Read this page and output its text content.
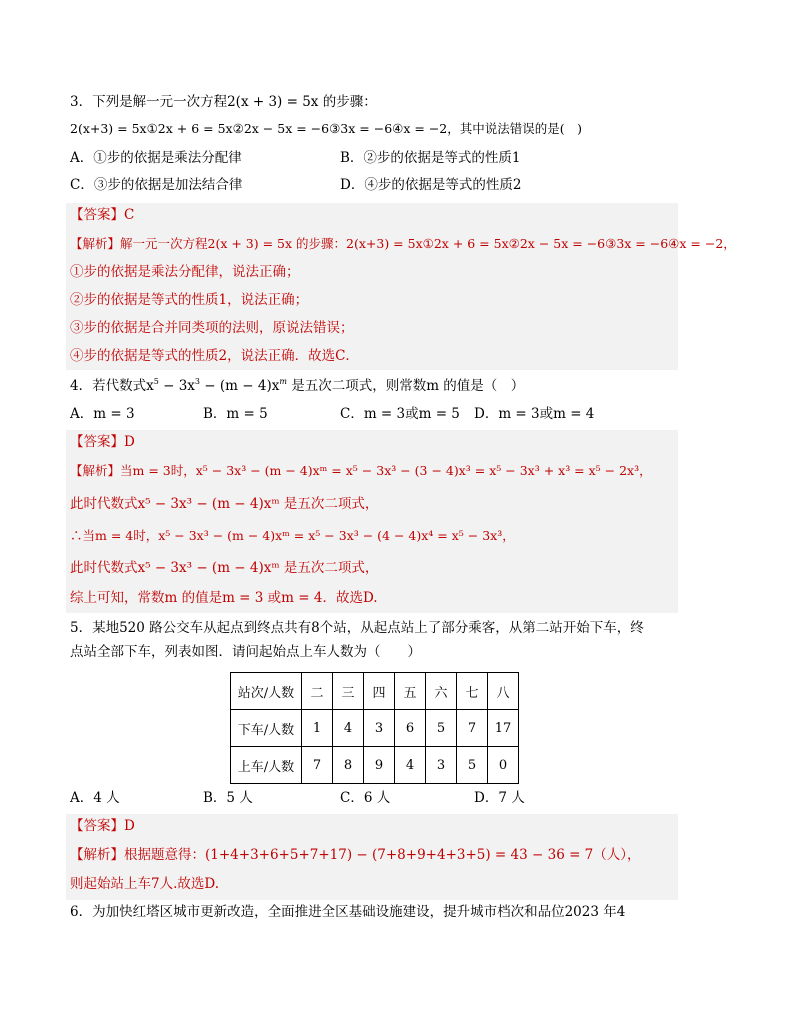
3．下列是解一元一次方程2(x + 3) = 5x 的步骤：
2(x+3) = 5x①2x + 6 = 5x②2x − 5x = −6③3x = −6④x = −2，其中说法错误的是(　)
A．①步的依据是乘法分配律	B．②步的依据是等式的性质1
C．③步的依据是加法结合律	D．④步的依据是等式的性质2
【答案】C
【解析】解一元一次方程2(x + 3) = 5x 的步骤：2(x+3) = 5x①2x + 6 = 5x②2x − 5x = −6③3x = −6④x = −2，
①步的依据是乘法分配律，说法正确；
②步的依据是等式的性质1，说法正确；
③步的依据是合并同类项的法则，原说法错误；
④步的依据是等式的性质2，说法正确．故选C．
4．若代数式$x^5 - 3x^3 - (m - 4)x^m$ 是五次二项式，则常数m 的值是（　）
A．m = 3	B．m = 5	C．m = 3或m = 5 D．m = 3或m = 4
【答案】D
【解析】当m = 3时，x⁵ − 3x³ − (m − 4)xᵐ = x⁵ − 3x³ − (3 − 4)x³ = x⁵ − 3x³ + x³ = x⁵ − 2x³，
此时代数式x⁵ − 3x³ − (m − 4)xᵐ 是五次二项式，
∴当m = 4时，x⁵ − 3x³ − (m − 4)xᵐ = x⁵ − 3x³ − (4 − 4)x⁴ = x⁵ − 3x³，
此时代数式x⁵ − 3x³ − (m − 4)xᵐ 是五次二项式，
综上可知，常数m 的值是m = 3 或m = 4．故选D.
5．某地520 路公交车从起点到终点共有8个站，从起点站上了部分乘客，从第二站开始下车，终
点站全部下车，列表如图．请问起始点上车人数为（　　）
站次/人数	二	三	四	五	六	七	八
下车/人数	1	4	3	6	5	7	17
上车/人数	7	8	9	4	3	5	0
A．4 人	B．5 人	C．6 人	D．7 人
【答案】D
【解析】根据题意得：(1+4+3+6+5+7+17) − (7+8+9+4+3+5) = 43 − 36 = 7（人），
则起始站上车7人.故选D.
6．为加快红塔区城市更新改造，全面推进全区基础设施建设，提升城市档次和品位2023 年4
